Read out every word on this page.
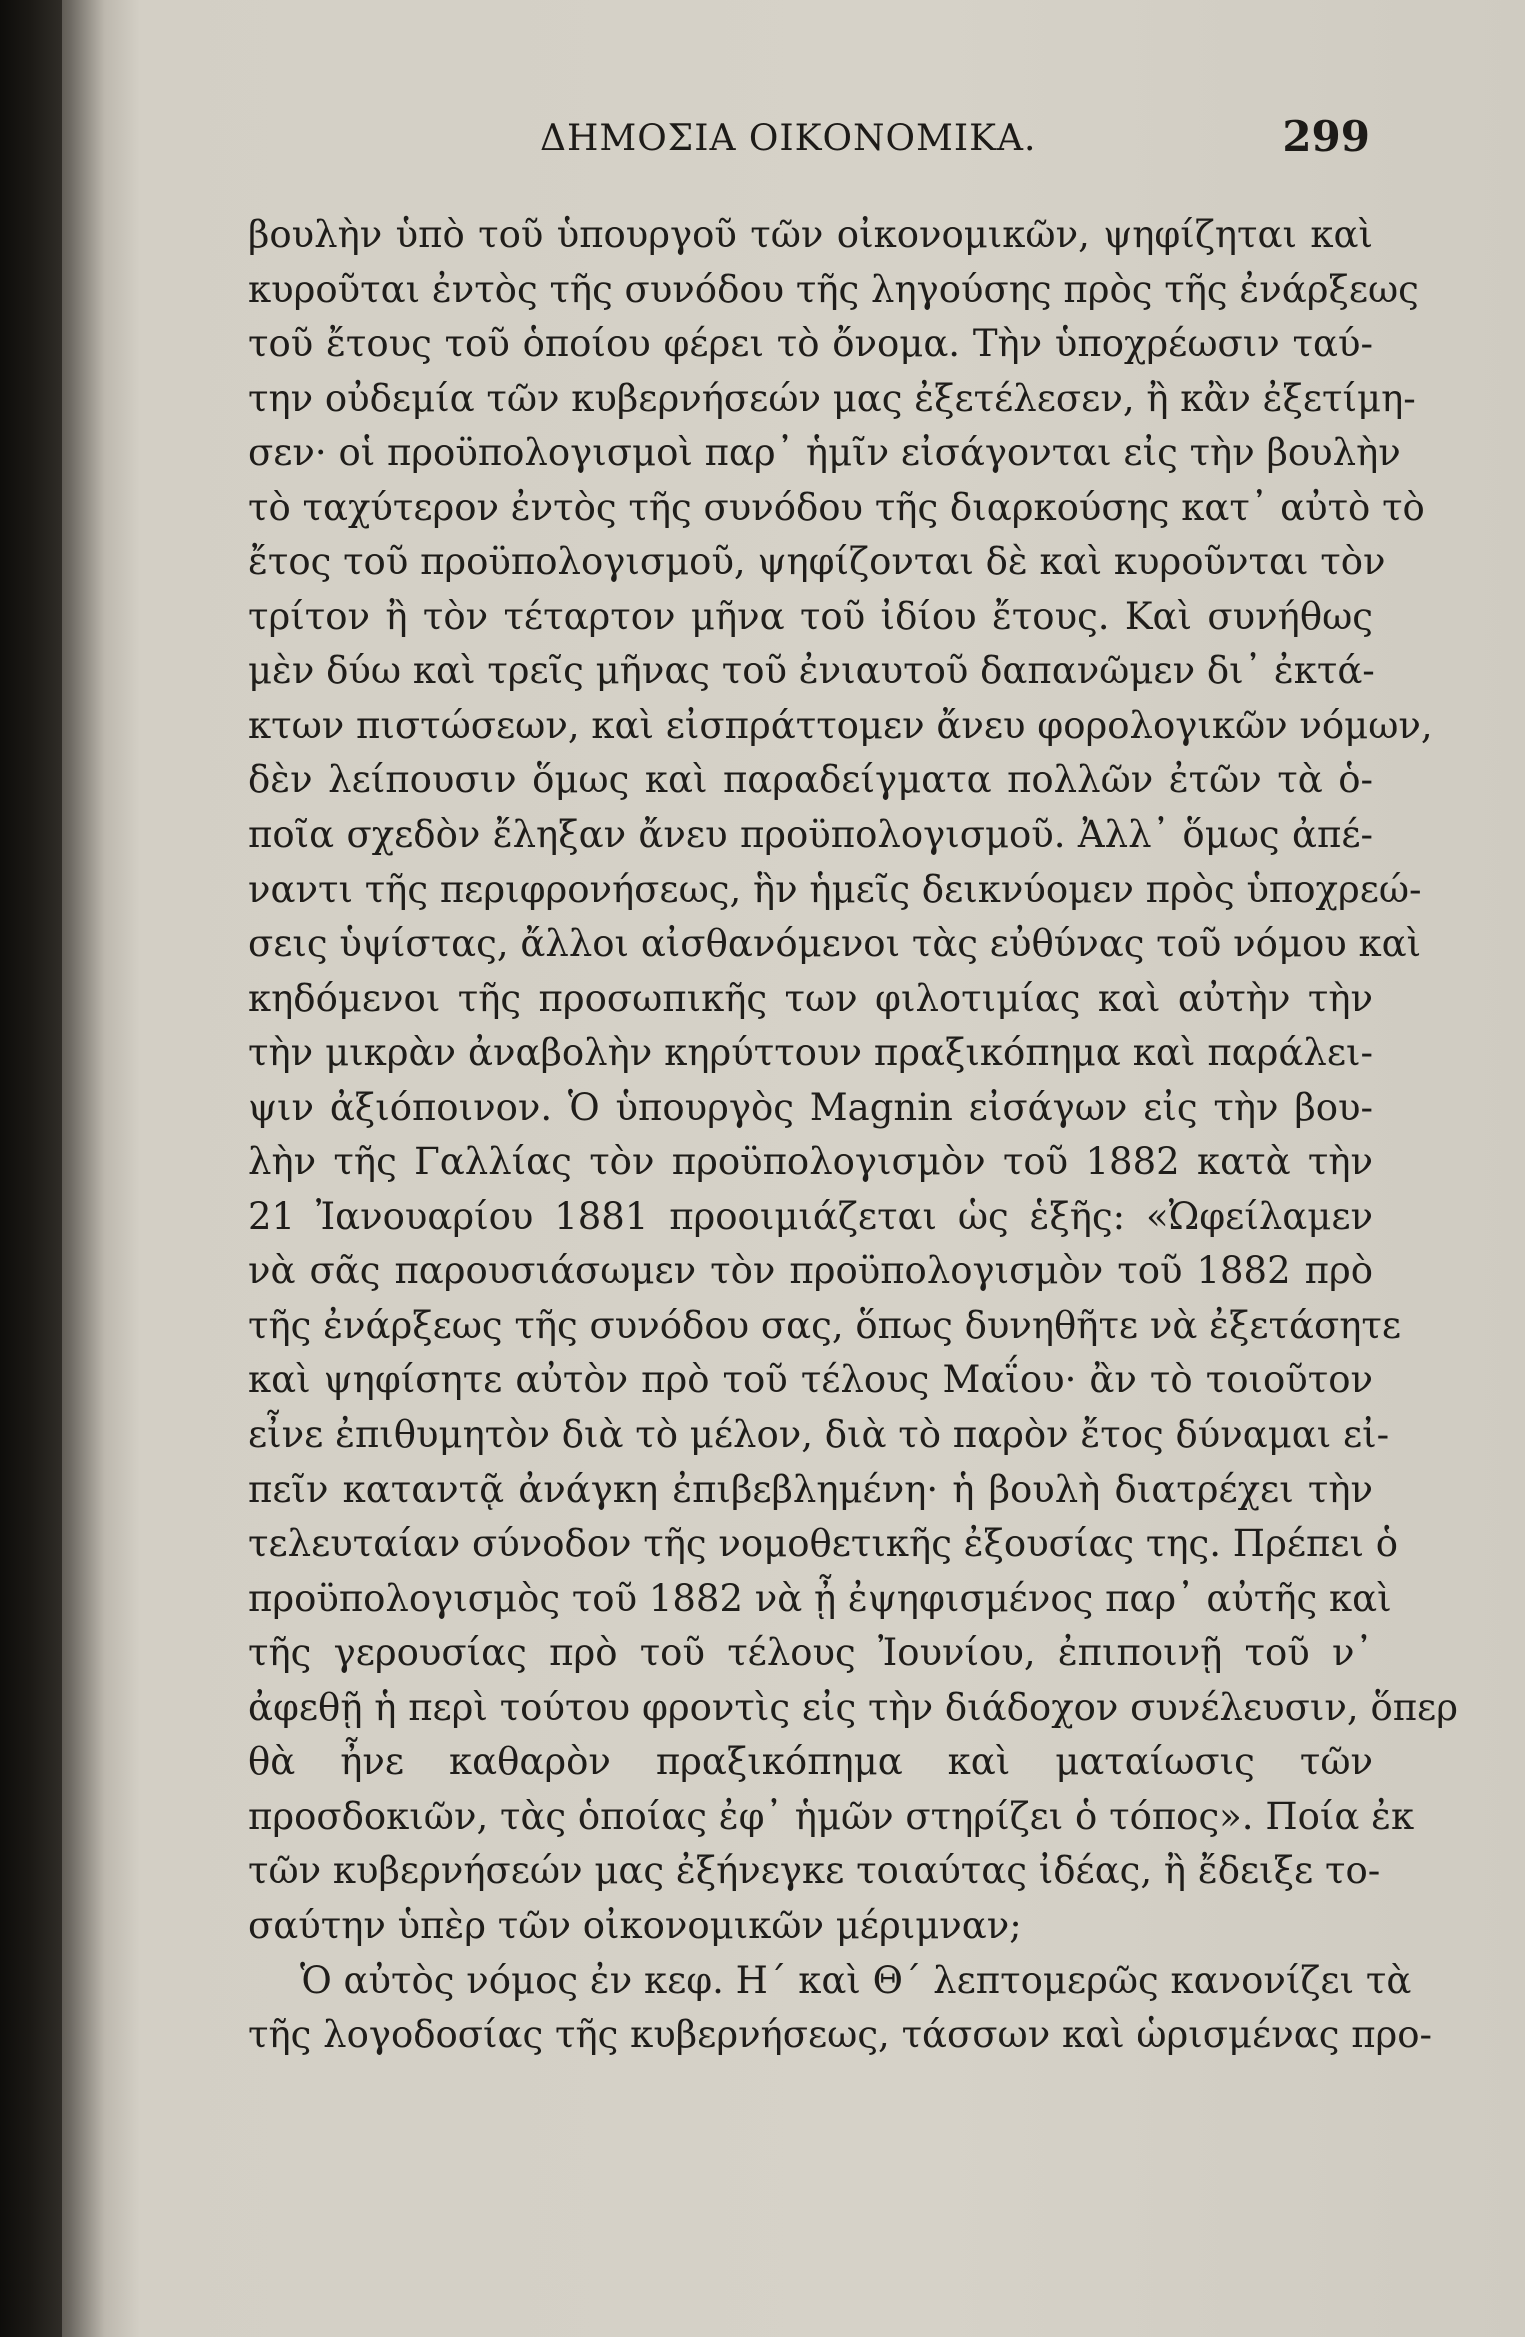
ΔΗΜΟΣΙΑ ΟΙΚΟΝΟΜΙΚΑ.	299
βουλὴν ὑπὸ τοῦ ὑπουργοῦ τῶν οἰκονομικῶν, ψηφίζηται καὶ
κυροῦται ἐντὸς τῆς συνόδου τῆς ληγούσης πρὸς τῆς ἐνάρξεως
τοῦ ἔτους τοῦ ὁποίου φέρει τὸ ὄνομα. Τὴν ὑποχρέωσιν ταύ-
την οὐδεμία τῶν κυβερνήσεών μας ἐξετέλεσεν, ἢ κἂν ἐξετίμη-
σεν· οἱ προϋπολογισμοὶ παρ᾽ ἡμῖν εἰσάγονται εἰς τὴν βουλὴν
τὸ ταχύτερον ἐντὸς τῆς συνόδου τῆς διαρκούσης κατ᾽ αὐτὸ τὸ
ἔτος τοῦ προϋπολογισμοῦ, ψηφίζονται δὲ καὶ κυροῦνται τὸν
τρίτον ἢ τὸν τέταρτον μῆνα τοῦ ἰδίου ἔτους. Καὶ συνήθως
μὲν δύω καὶ τρεῖς μῆνας τοῦ ἐνιαυτοῦ δαπανῶμεν δι᾽ ἐκτά-
κτων πιστώσεων, καὶ εἰσπράττομεν ἄνευ φορολογικῶν νόμων,
δὲν λείπουσιν ὅμως καὶ παραδείγματα πολλῶν ἐτῶν τὰ ὁ-
ποῖα σχεδὸν ἔληξαν ἄνευ προϋπολογισμοῦ. Ἀλλ᾽ ὅμως ἀπέ-
ναντι τῆς περιφρονήσεως, ἣν ἡμεῖς δεικνύομεν πρὸς ὑποχρεώ-
σεις ὑψίστας, ἄλλοι αἰσθανόμενοι τὰς εὐθύνας τοῦ νόμου καὶ
κηδόμενοι τῆς προσωπικῆς των φιλοτιμίας καὶ αὐτὴν τὴν
τὴν μικρὰν ἀναβολὴν κηρύττουν πραξικόπημα καὶ παράλει-
ψιν ἀξιόποινον. Ὁ ὑπουργὸς Magnin εἰσάγων εἰς τὴν βου-
λὴν τῆς Γαλλίας τὸν προϋπολογισμὸν τοῦ 1882 κατὰ τὴν
21 Ἰανουαρίου 1881 προοιμιάζεται ὡς ἑξῆς: «Ὠφείλαμεν
νὰ σᾶς παρουσιάσωμεν τὸν προϋπολογισμὸν τοῦ 1882 πρὸ
τῆς ἐνάρξεως τῆς συνόδου σας, ὅπως δυνηθῆτε νὰ ἐξετάσητε
καὶ ψηφίσητε αὐτὸν πρὸ τοῦ τέλους Μαΐου· ἂν τὸ τοιοῦτον
εἶνε ἐπιθυμητὸν διὰ τὸ μέλον, διὰ τὸ παρὸν ἔτος δύναμαι εἰ-
πεῖν καταντᾷ ἀνάγκη ἐπιβεβλημένη· ἡ βουλὴ διατρέχει τὴν
τελευταίαν σύνοδον τῆς νομοθετικῆς ἐξουσίας της. Πρέπει ὁ
προϋπολογισμὸς τοῦ 1882 νὰ ᾖ ἐψηφισμένος παρ᾽ αὐτῆς καὶ
τῆς γερουσίας πρὸ τοῦ τέλους Ἰουνίου, ἐπιποινῇ τοῦ ν᾽
ἀφεθῇ ἡ περὶ τούτου φροντὶς εἰς τὴν διάδοχον συνέλευσιν, ὅπερ
θὰ ἦνε καθαρὸν πραξικόπημα καὶ ματαίωσις τῶν
προσδοκιῶν, τὰς ὁποίας ἐφ᾽ ἡμῶν στηρίζει ὁ τόπος». Ποία ἐκ
τῶν κυβερνήσεών μας ἐξήνεγκε τοιαύτας ἰδέας, ἢ ἔδειξε το-
σαύτην ὑπὲρ τῶν οἰκονομικῶν μέριμναν;
Ὁ αὐτὸς νόμος ἐν κεφ. Η΄ καὶ Θ΄ λεπτομερῶς κανονίζει τὰ
τῆς λογοδοσίας τῆς κυβερνήσεως, τάσσων καὶ ὡρισμένας προ-
